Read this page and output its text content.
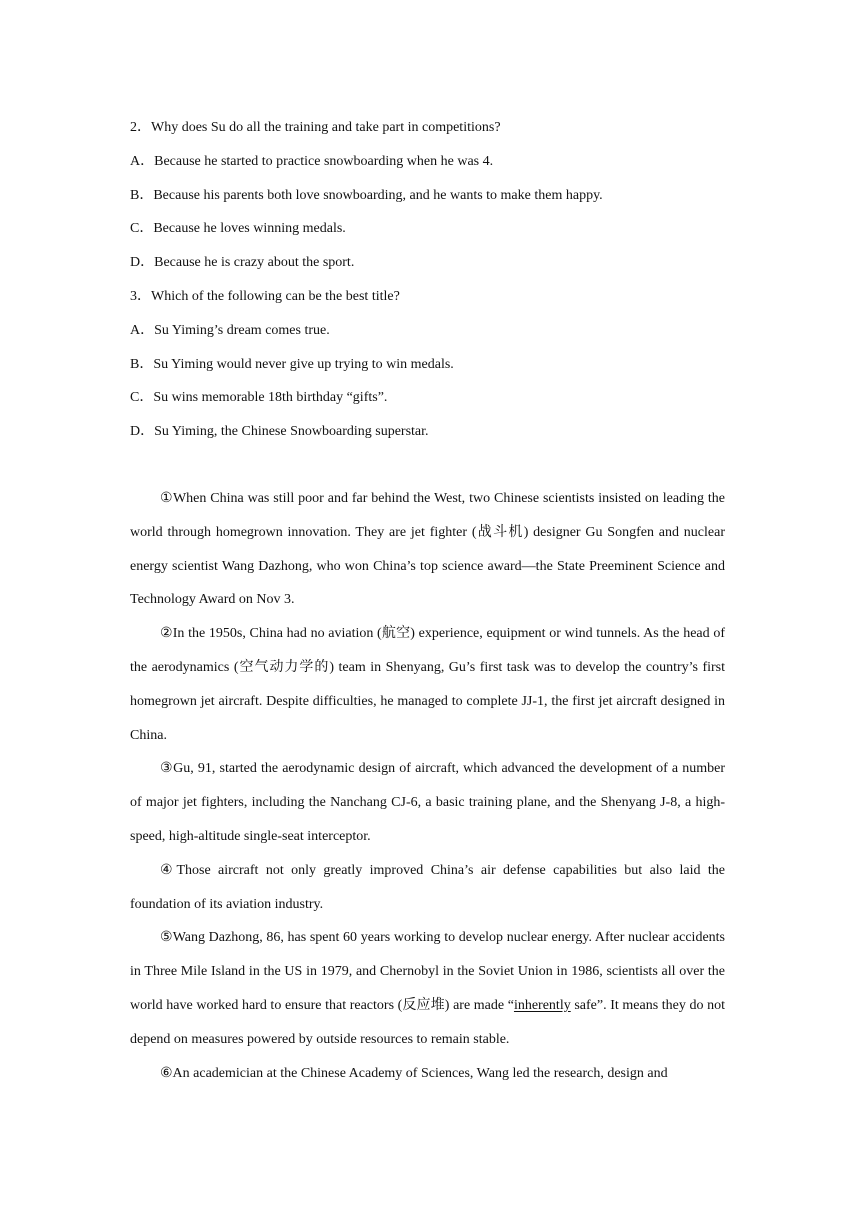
2．Why does Su do all the training and take part in competitions?

A．Because he started to practice snowboarding when he was 4.

B．Because his parents both love snowboarding, and he wants to make them happy.

C．Because he loves winning medals.

D．Because he is crazy about the sport.

3．Which of the following can be the best title?

A．Su Yiming’s dream comes true.

B．Su Yiming would never give up trying to win medals.

C．Su wins memorable 18th birthday “gifts”.

D．Su Yiming, the Chinese Snowboarding superstar.

①When China was still poor and far behind the West, two Chinese scientists insisted on leading the world through homegrown innovation. They are jet fighter (战斗机) designer Gu Songfen and nuclear energy scientist Wang Dazhong, who won China’s top science award—the State Preeminent Science and Technology Award on Nov 3.

②In the 1950s, China had no aviation (航空) experience, equipment or wind tunnels. As the head of the aerodynamics (空气动力学的) team in Shenyang, Gu’s first task was to develop the country’s first homegrown jet aircraft. Despite difficulties, he managed to complete JJ-1, the first jet aircraft designed in China.

③Gu, 91, started the aerodynamic design of aircraft, which advanced the development of a number of major jet fighters, including the Nanchang CJ-6, a basic training plane, and the Shenyang J-8, a high-speed, high-altitude single-seat interceptor.

④Those aircraft not only greatly improved China’s air defense capabilities but also laid the foundation of its aviation industry.

⑤Wang Dazhong, 86, has spent 60 years working to develop nuclear energy. After nuclear accidents in Three Mile Island in the US in 1979, and Chernobyl in the Soviet Union in 1986, scientists all over the world have worked hard to ensure that reactors (反应堆) are made “inherently safe”. It means they do not depend on measures powered by outside resources to remain stable.

⑥An academician at the Chinese Academy of Sciences, Wang led the research, design and
